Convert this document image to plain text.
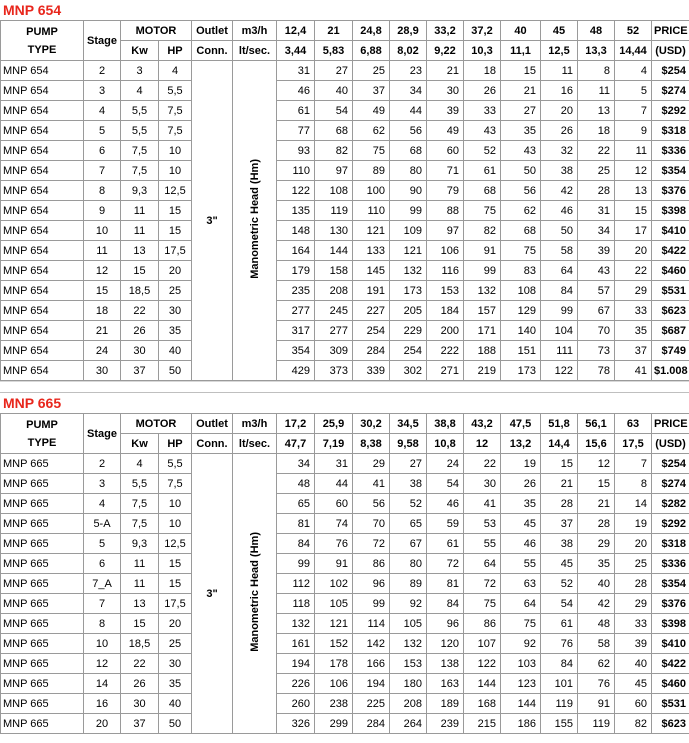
MNP 654
PUMP TYPE	Stage	MOTOR		Outlet	m3/h	12,4	21	24,8	28,9	33,2	37,2	40	45	48	52	PRICE
		Kw	HP	Conn.	lt/sec.	3,44	5,83	6,88	8,02	9,22	10,3	11,1	12,5	13,3	14,44	(USD)
MNP 654	2	3	4	3"	Manometric Head (Hm)	31	27	25	23	21	18	15	11	8	4	$254
MNP 654	3	4	5,5			46	40	37	34	30	26	21	16	11	5	$274
MNP 654	4	5,5	7,5			61	54	49	44	39	33	27	20	13	7	$292
MNP 654	5	5,5	7,5			77	68	62	56	49	43	35	26	18	9	$318
MNP 654	6	7,5	10			93	82	75	68	60	52	43	32	22	11	$336
MNP 654	7	7,5	10			110	97	89	80	71	61	50	38	25	12	$354
MNP 654	8	9,3	12,5			122	108	100	90	79	68	56	42	28	13	$376
MNP 654	9	11	15			135	119	110	99	88	75	62	46	31	15	$398
MNP 654	10	11	15			148	130	121	109	97	82	68	50	34	17	$410
MNP 654	11	13	17,5			164	144	133	121	106	91	75	58	39	20	$422
MNP 654	12	15	20			179	158	145	132	116	99	83	64	43	22	$460
MNP 654	15	18,5	25			235	208	191	173	153	132	108	84	57	29	$531
MNP 654	18	22	30			277	245	227	205	184	157	129	99	67	33	$623
MNP 654	21	26	35			317	277	254	229	200	171	140	104	70	35	$687
MNP 654	24	30	40			354	309	284	254	222	188	151	111	73	37	$749
MNP 654	30	37	50			429	373	339	302	271	219	173	122	78	41	$1.008
MNP 665
PUMP TYPE	Stage	MOTOR		Outlet	m3/h	17,2	25,9	30,2	34,5	38,8	43,2	47,5	51,8	56,1	63	PRICE
		Kw	HP	Conn.	lt/sec.	47,7	7,19	8,38	9,58	10,8	12	13,2	14,4	15,6	17,5	(USD)
MNP 665	2	4	5,5	3"	Manometric Head (Hm)	34	31	29	27	24	22	19	15	12	7	$254
MNP 665	3	5,5	7,5			48	44	41	38	54	30	26	21	15	8	$274
MNP 665	4	7,5	10			65	60	56	52	46	41	35	28	21	14	$282
MNP 665	5-A	7,5	10			81	74	70	65	59	53	45	37	28	19	$292
MNP 665	5	9,3	12,5			84	76	72	67	61	55	46	38	29	20	$318
MNP 665	6	11	15			99	91	86	80	72	64	55	45	35	25	$336
MNP 665	7_A	11	15			112	102	96	89	81	72	63	52	40	28	$354
MNP 665	7	13	17,5			118	105	99	92	84	75	64	54	42	29	$376
MNP 665	8	15	20			132	121	114	105	96	86	75	61	48	33	$398
MNP 665	10	18,5	25			161	152	142	132	120	107	92	76	58	39	$410
MNP 665	12	22	30			194	178	166	153	138	122	103	84	62	40	$422
MNP 665	14	26	35			226	106	194	180	163	144	123	101	76	45	$460
MNP 665	16	30	40			260	238	225	208	189	168	144	119	91	60	$531
MNP 665	20	37	50			326	299	284	264	239	215	186	155	119	82	$623
